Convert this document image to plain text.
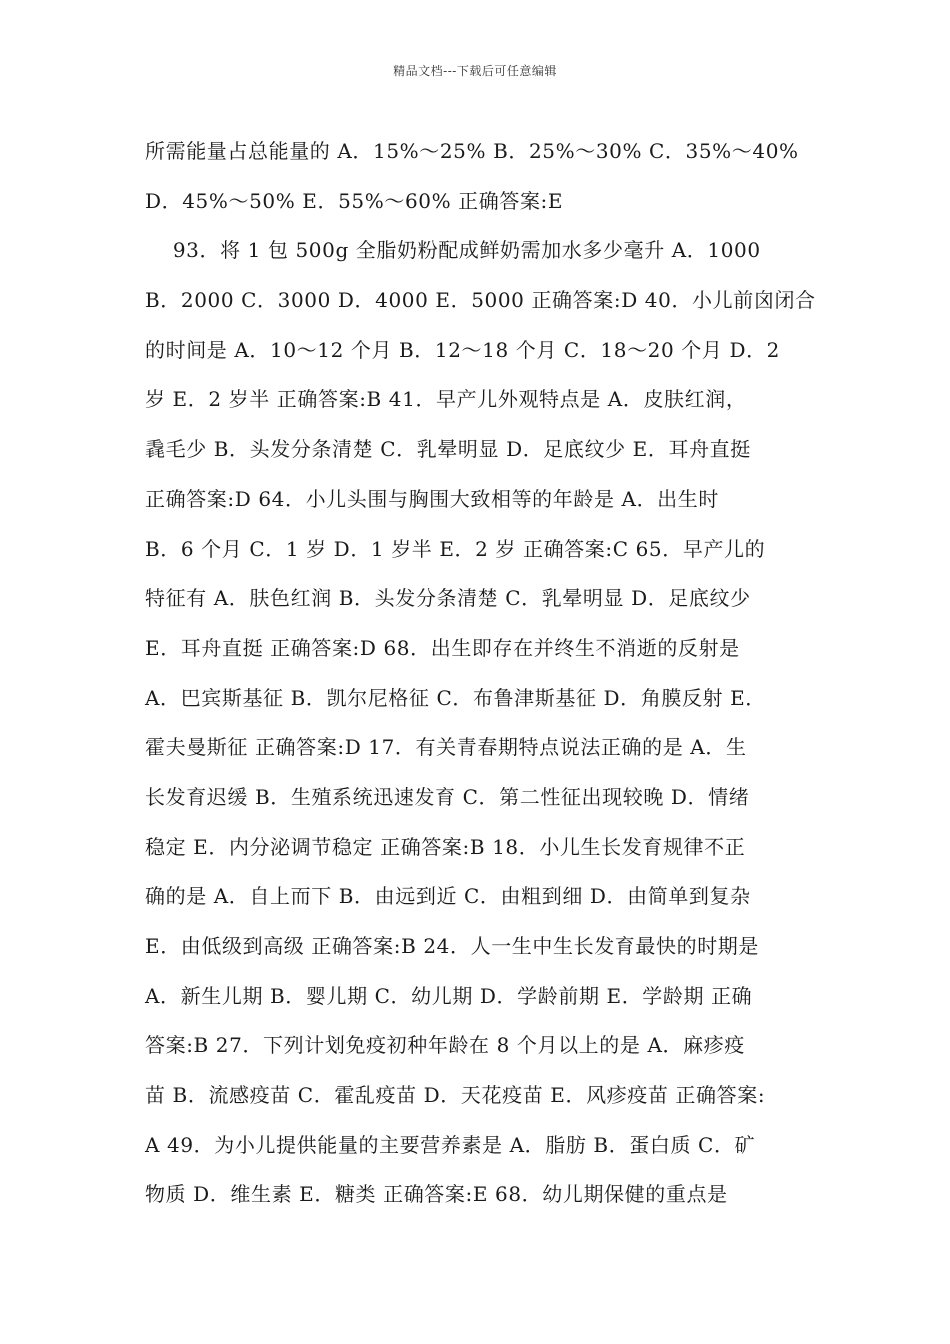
精品文档---下载后可任意编辑
所需能量占总能量的 A．15%～25% B．25%～30% C．35%～40%
D．45%～50% E．55%～60% 正确答案:E
93．将 1 包 500g 全脂奶粉配成鲜奶需加水多少毫升 A．1000
B．2000 C．3000 D．4000 E．5000 正确答案:D 40．小儿前囟闭合
的时间是 A．10～12 个月 B．12～18 个月 C．18～20 个月 D．2
岁 E．2 岁半 正确答案:B 41．早产儿外观特点是 A．皮肤红润，
毳毛少 B．头发分条清楚 C．乳晕明显 D．足底纹少 E．耳舟直挺
正确答案:D 64．小儿头围与胸围大致相等的年龄是 A．出生时
B．6 个月 C．1 岁 D．1 岁半 E．2 岁 正确答案:C 65．早产儿的
特征有 A．肤色红润 B．头发分条清楚 C．乳晕明显 D．足底纹少
E．耳舟直挺 正确答案:D 68．出生即存在并终生不消逝的反射是
A．巴宾斯基征 B．凯尔尼格征 C．布鲁津斯基征 D．角膜反射 E．
霍夫曼斯征 正确答案:D 17．有关青春期特点说法正确的是 A．生
长发育迟缓 B．生殖系统迅速发育 C．第二性征出现较晚 D．情绪
稳定 E．内分泌调节稳定 正确答案:B 18．小儿生长发育规律不正
确的是 A．自上而下 B．由远到近 C．由粗到细 D．由简单到复杂
E．由低级到高级 正确答案:B 24．人一生中生长发育最快的时期是
A．新生儿期 B．婴儿期 C．幼儿期 D．学龄前期 E．学龄期 正确
答案:B 27．下列计划免疫初种年龄在 8 个月以上的是 A．麻疹疫
苗 B．流感疫苗 C．霍乱疫苗 D．天花疫苗 E．风疹疫苗 正确答案:
A 49．为小儿提供能量的主要营养素是 A．脂肪 B．蛋白质 C．矿
物质 D．维生素 E．糖类 正确答案:E 68．幼儿期保健的重点是
